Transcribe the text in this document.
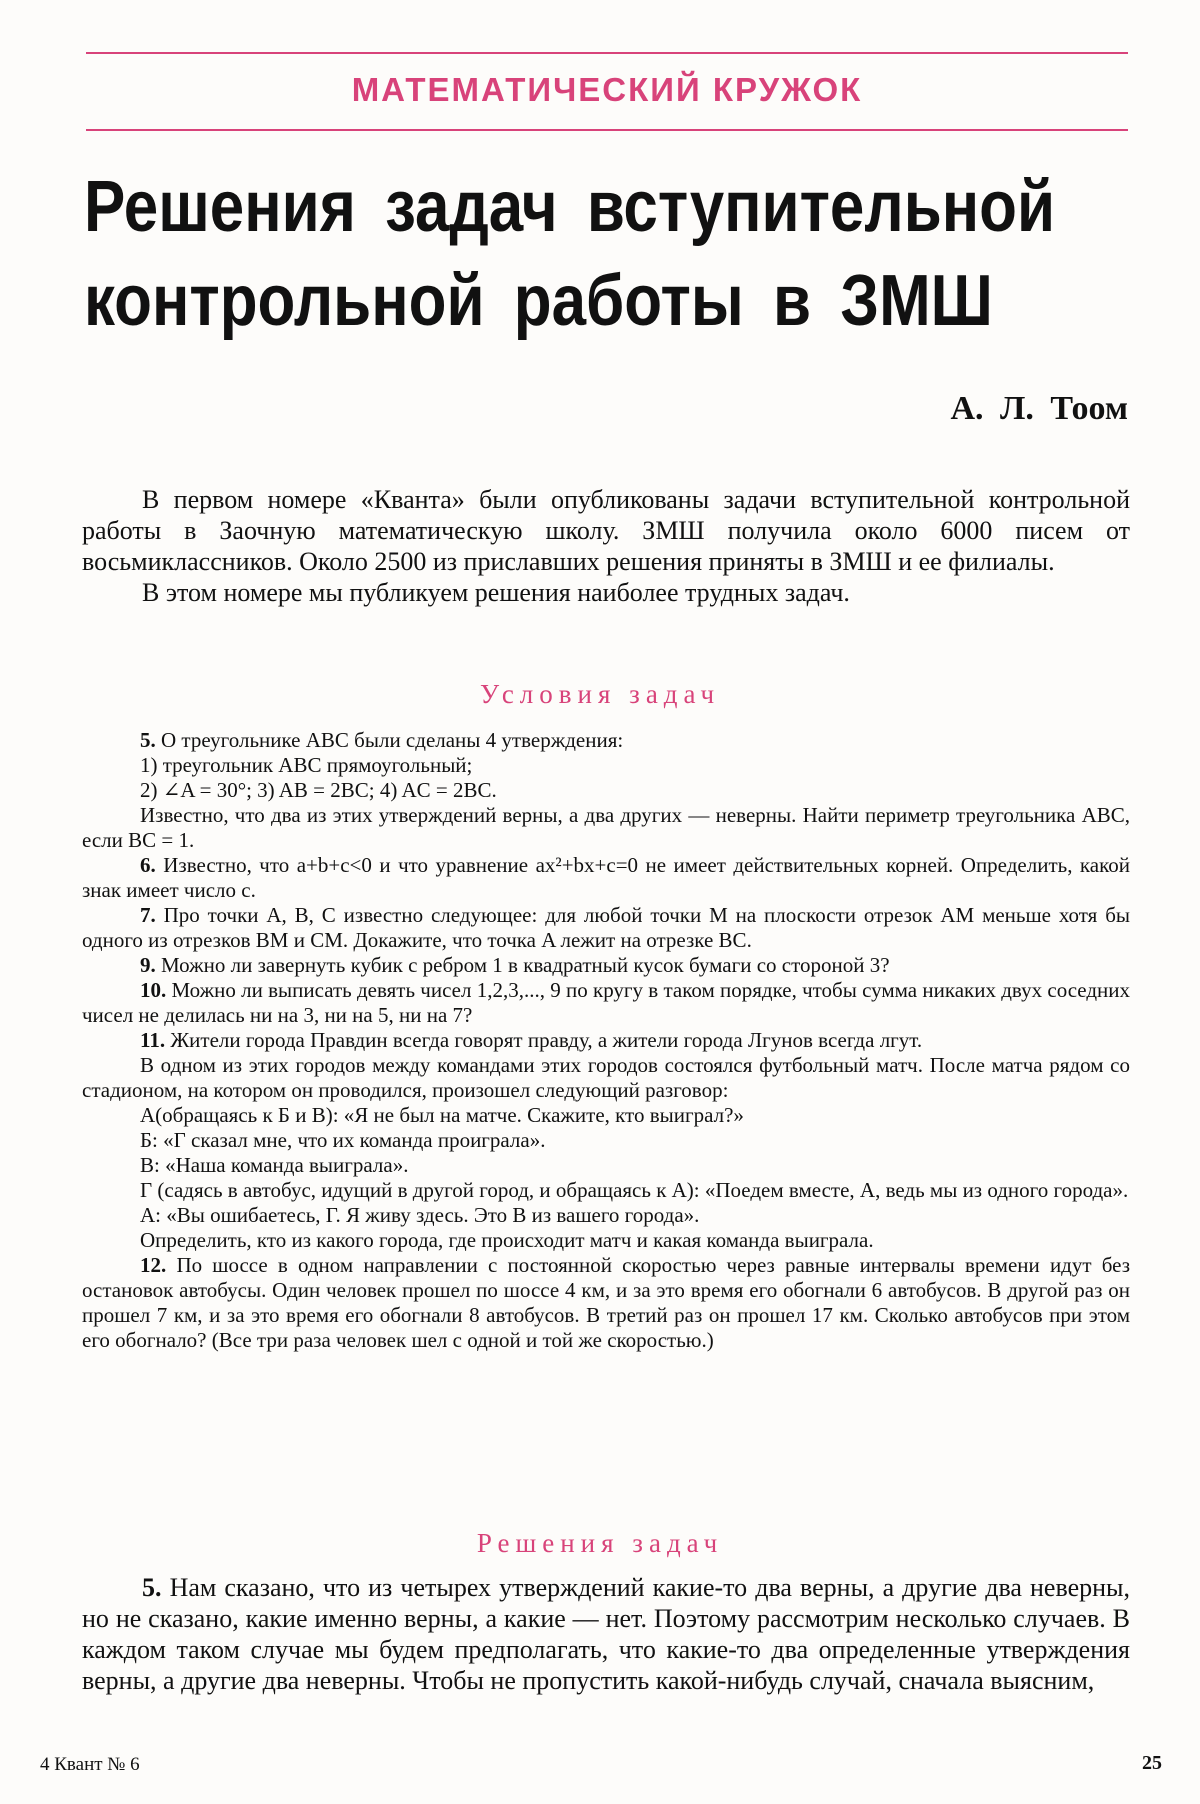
МАТЕМАТИЧЕСКИЙ КРУЖОК
Решения задач вступительной
контрольной работы в ЗМШ
А. Л. Тоом

В первом номере «Кванта» были опубликованы задачи вступительной контрольной работы в Заочную математическую школу. ЗМШ получила около 6000 писем от восьмиклассников. Около 2500 из приславших решения приняты в ЗМШ и ее филиалы.

В этом номере мы публикуем решения наиболее трудных задач.

Условия задач

5. О треугольнике ABC были сделаны 4 утверждения:

1) треугольник ABC прямоугольный;

2) ∠A = 30°; 3) AB = 2BC; 4) AC = 2BC.

Известно, что два из этих утверждений верны, а два других — неверны. Найти периметр треугольника ABC, если BC = 1.

6. Известно, что a+b+c<0 и что уравнение ax²+bx+c=0 не имеет действительных корней. Определить, какой знак имеет число c.

7. Про точки A, B, C известно следующее: для любой точки M на плоскости отрезок AM меньше хотя бы одного из отрезков BM и CM. Докажите, что точка A лежит на отрезке BC.

9. Можно ли завернуть кубик с ребром 1 в квадратный кусок бумаги со стороной 3?

10. Можно ли выписать девять чисел 1,2,3,..., 9 по кругу в таком порядке, чтобы сумма никаких двух соседних чисел не делилась ни на 3, ни на 5, ни на 7?

11. Жители города Правдин всегда говорят правду, а жители города Лгунов всегда лгут.

В одном из этих городов между командами этих городов состоялся футбольный матч. После матча рядом со стадионом, на котором он проводился, произошел следующий разговор:

А(обращаясь к Б и В): «Я не был на матче. Скажите, кто выиграл?»

Б: «Г сказал мне, что их команда проиграла».

В: «Наша команда выиграла».

Г (садясь в автобус, идущий в другой город, и обращаясь к А): «Поедем вместе, А, ведь мы из одного города».

А: «Вы ошибаетесь, Г. Я живу здесь. Это В из вашего города».

Определить, кто из какого города, где происходит матч и какая команда выиграла.

12. По шоссе в одном направлении с постоянной скоростью через равные интервалы времени идут без остановок автобусы. Один человек прошел по шоссе 4 км, и за это время его обогнали 6 автобусов. В другой раз он прошел 7 км, и за это время его обогнали 8 автобусов. В третий раз он прошел 17 км. Сколько автобусов при этом его обогнало? (Все три раза человек шел с одной и той же скоростью.)

Решения задач

5. Нам сказано, что из четырех утверждений какие-то два верны, а другие два неверны, но не сказано, какие именно верны, а какие — нет. Поэтому рассмотрим несколько случаев. В каждом таком случае мы будем предполагать, что какие-то два определенные утверждения верны, а другие два неверны. Чтобы не пропустить какой-нибудь случай, сначала выясним,

4 Квант № 6	25
